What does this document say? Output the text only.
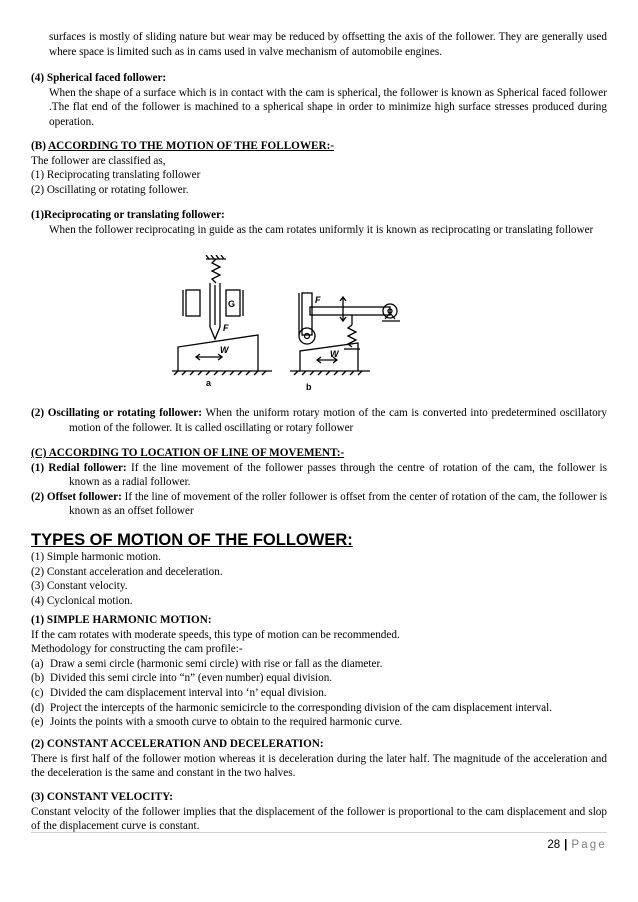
surfaces is mostly of sliding nature but wear may be reduced by offsetting the axis of the follower. They are generally used where space is limited such as in cams used in valve mechanism of automobile engines.

(4) Spherical faced follower:

When the shape of a surface which is in contact with the cam is spherical, the follower is known as Spherical faced follower .The flat end of the follower is machined to a spherical shape in order to minimize high surface stresses produced during operation.

(B) ACCORDING TO THE MOTION OF THE FOLLOWER:-

The follower are classified as,

(1) Reciprocating translating follower

(2) Oscillating or rotating follower.

(1)Reciprocating or translating follower:

When the follower reciprocating in guide as the cam rotates uniformly it is known as reciprocating or translating follower

G
F
W
F
W
a	b

(2) Oscillating or rotating follower: When the uniform rotary motion of the cam is converted into predetermined oscillatory motion of the follower. It is called oscillating or rotary follower

(C) ACCORDING TO LOCATION OF LINE OF MOVEMENT:-

(1) Redial follower: If the line movement of the follower passes through the centre of rotation of the cam, the follower is known as a radial follower.

(2) Offset follower: If the line of movement of the roller follower is offset from the center of rotation of the cam, the follower is known as an offset follower

TYPES OF MOTION OF THE FOLLOWER:

(1) Simple harmonic motion.

(2) Constant acceleration and deceleration.

(3) Constant velocity.

(4) Cyclonical motion.

(1) SIMPLE HARMONIC MOTION:

If the cam rotates with moderate speeds, this type of motion can be recommended.

Methodology for constructing the cam profile:-

(a) Draw a semi circle (harmonic semi circle) with rise or fall as the diameter.
(b) Divided this semi circle into “n” (even number) equal division.
(c) Divided the cam displacement interval into ‘n’ equal division.
(d) Project the intercepts of the harmonic semicircle to the corresponding division of the cam displacement interval.
(e) Joints the points with a smooth curve to obtain to the required harmonic curve.

(2) CONSTANT ACCELERATION AND DECELERATION:

There is first half of the follower motion whereas it is deceleration during the later half. The magnitude of the acceleration and the deceleration is the same and constant in the two halves.

(3) CONSTANT VELOCITY:

Constant velocity of the follower implies that the displacement of the follower is proportional to the cam displacement and slop of the displacement curve is constant.

28 | Page
